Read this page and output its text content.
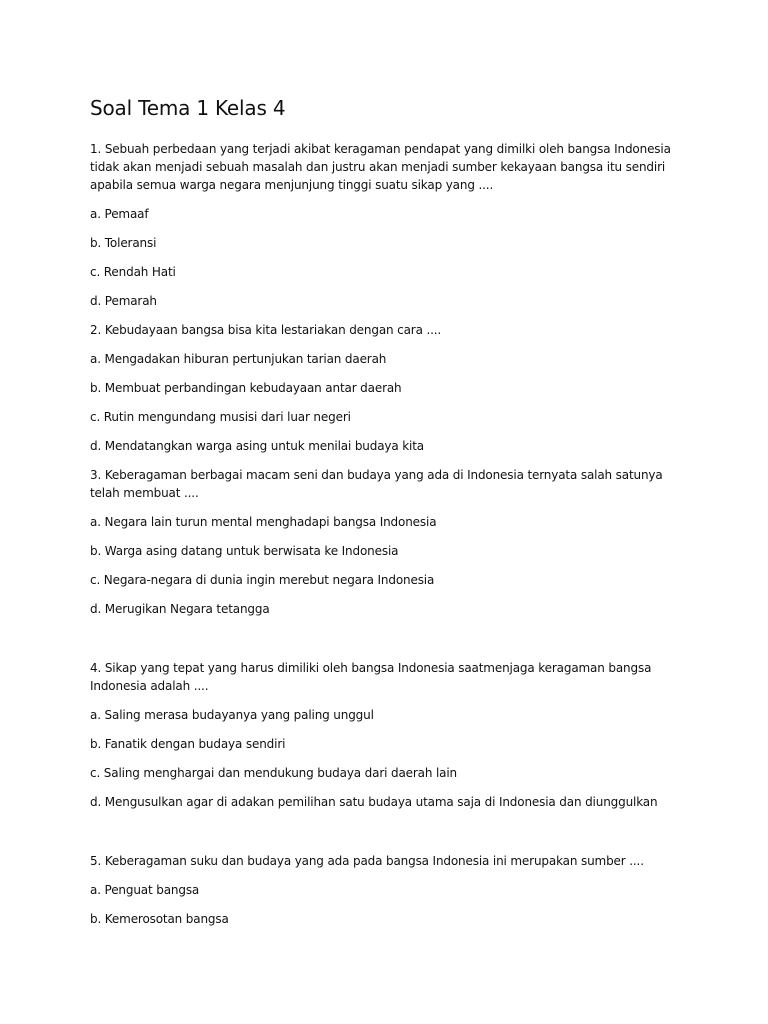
Soal Tema 1 Kelas 4

1. Sebuah perbedaan yang terjadi akibat keragaman pendapat yang dimilki oleh bangsa Indonesia tidak akan menjadi sebuah masalah dan justru akan menjadi sumber kekayaan bangsa itu sendiri apabila semua warga negara menjunjung tinggi suatu sikap yang ....

a. Pemaaf

b. Toleransi

c. Rendah Hati

d. Pemarah

2. Kebudayaan bangsa bisa kita lestariakan dengan cara ....

a. Mengadakan hiburan pertunjukan tarian daerah

b. Membuat perbandingan kebudayaan antar daerah

c. Rutin mengundang musisi dari luar negeri

d. Mendatangkan warga asing untuk menilai budaya kita

3. Keberagaman berbagai macam seni dan budaya yang ada di Indonesia ternyata salah satunya telah membuat ....

a. Negara lain turun mental menghadapi bangsa Indonesia

b. Warga asing datang untuk berwisata ke Indonesia

c. Negara-negara di dunia ingin merebut negara Indonesia

d. Merugikan Negara tetangga

4. Sikap yang tepat yang harus dimiliki oleh bangsa Indonesia saatmenjaga keragaman bangsa Indonesia adalah ....

a. Saling merasa budayanya yang paling unggul

b. Fanatik dengan budaya sendiri

c. Saling menghargai dan mendukung budaya dari daerah lain

d. Mengusulkan agar di adakan pemilihan satu budaya utama saja di Indonesia dan diunggulkan

5. Keberagaman suku dan budaya yang ada pada bangsa Indonesia ini merupakan sumber ....

a. Penguat bangsa

b. Kemerosotan bangsa
